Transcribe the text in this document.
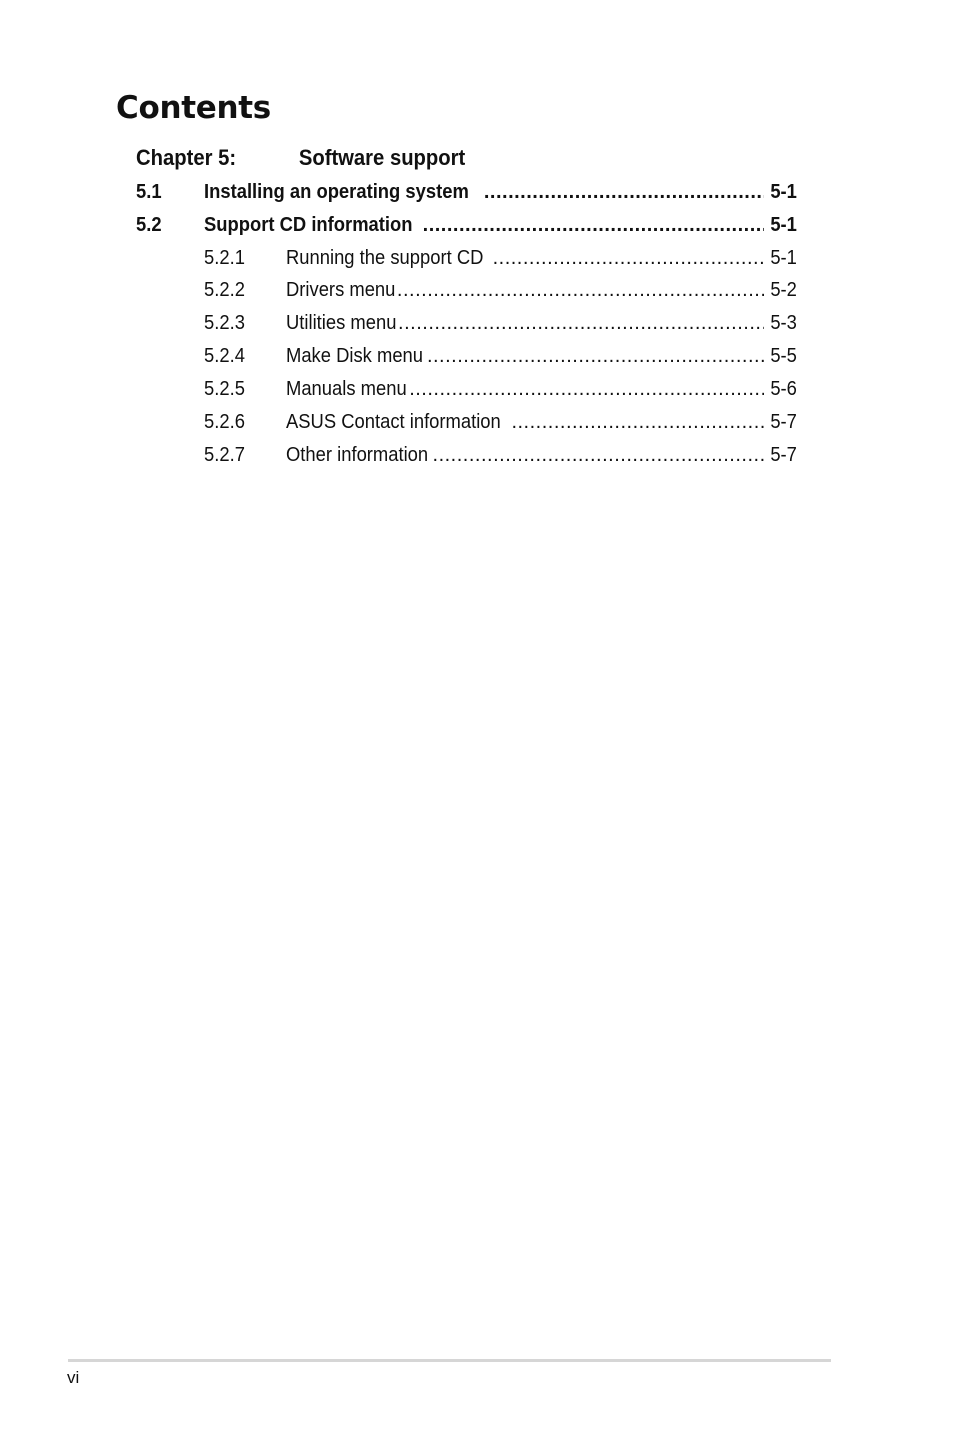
Contents
Chapter 5:	Software support
5.1 Installing an operating system .....	5-1
5.2 Support CD information .....	5-1
5.2.1 Running the support CD .....	5-1
5.2.2 Drivers menu .....	5-2
5.2.3 Utilities menu .....	5-3
5.2.4 Make Disk menu .....	5-5
5.2.5 Manuals menu .....	5-6
5.2.6 ASUS Contact information .....	5-7
5.2.7 Other information .....	5-7
vi
